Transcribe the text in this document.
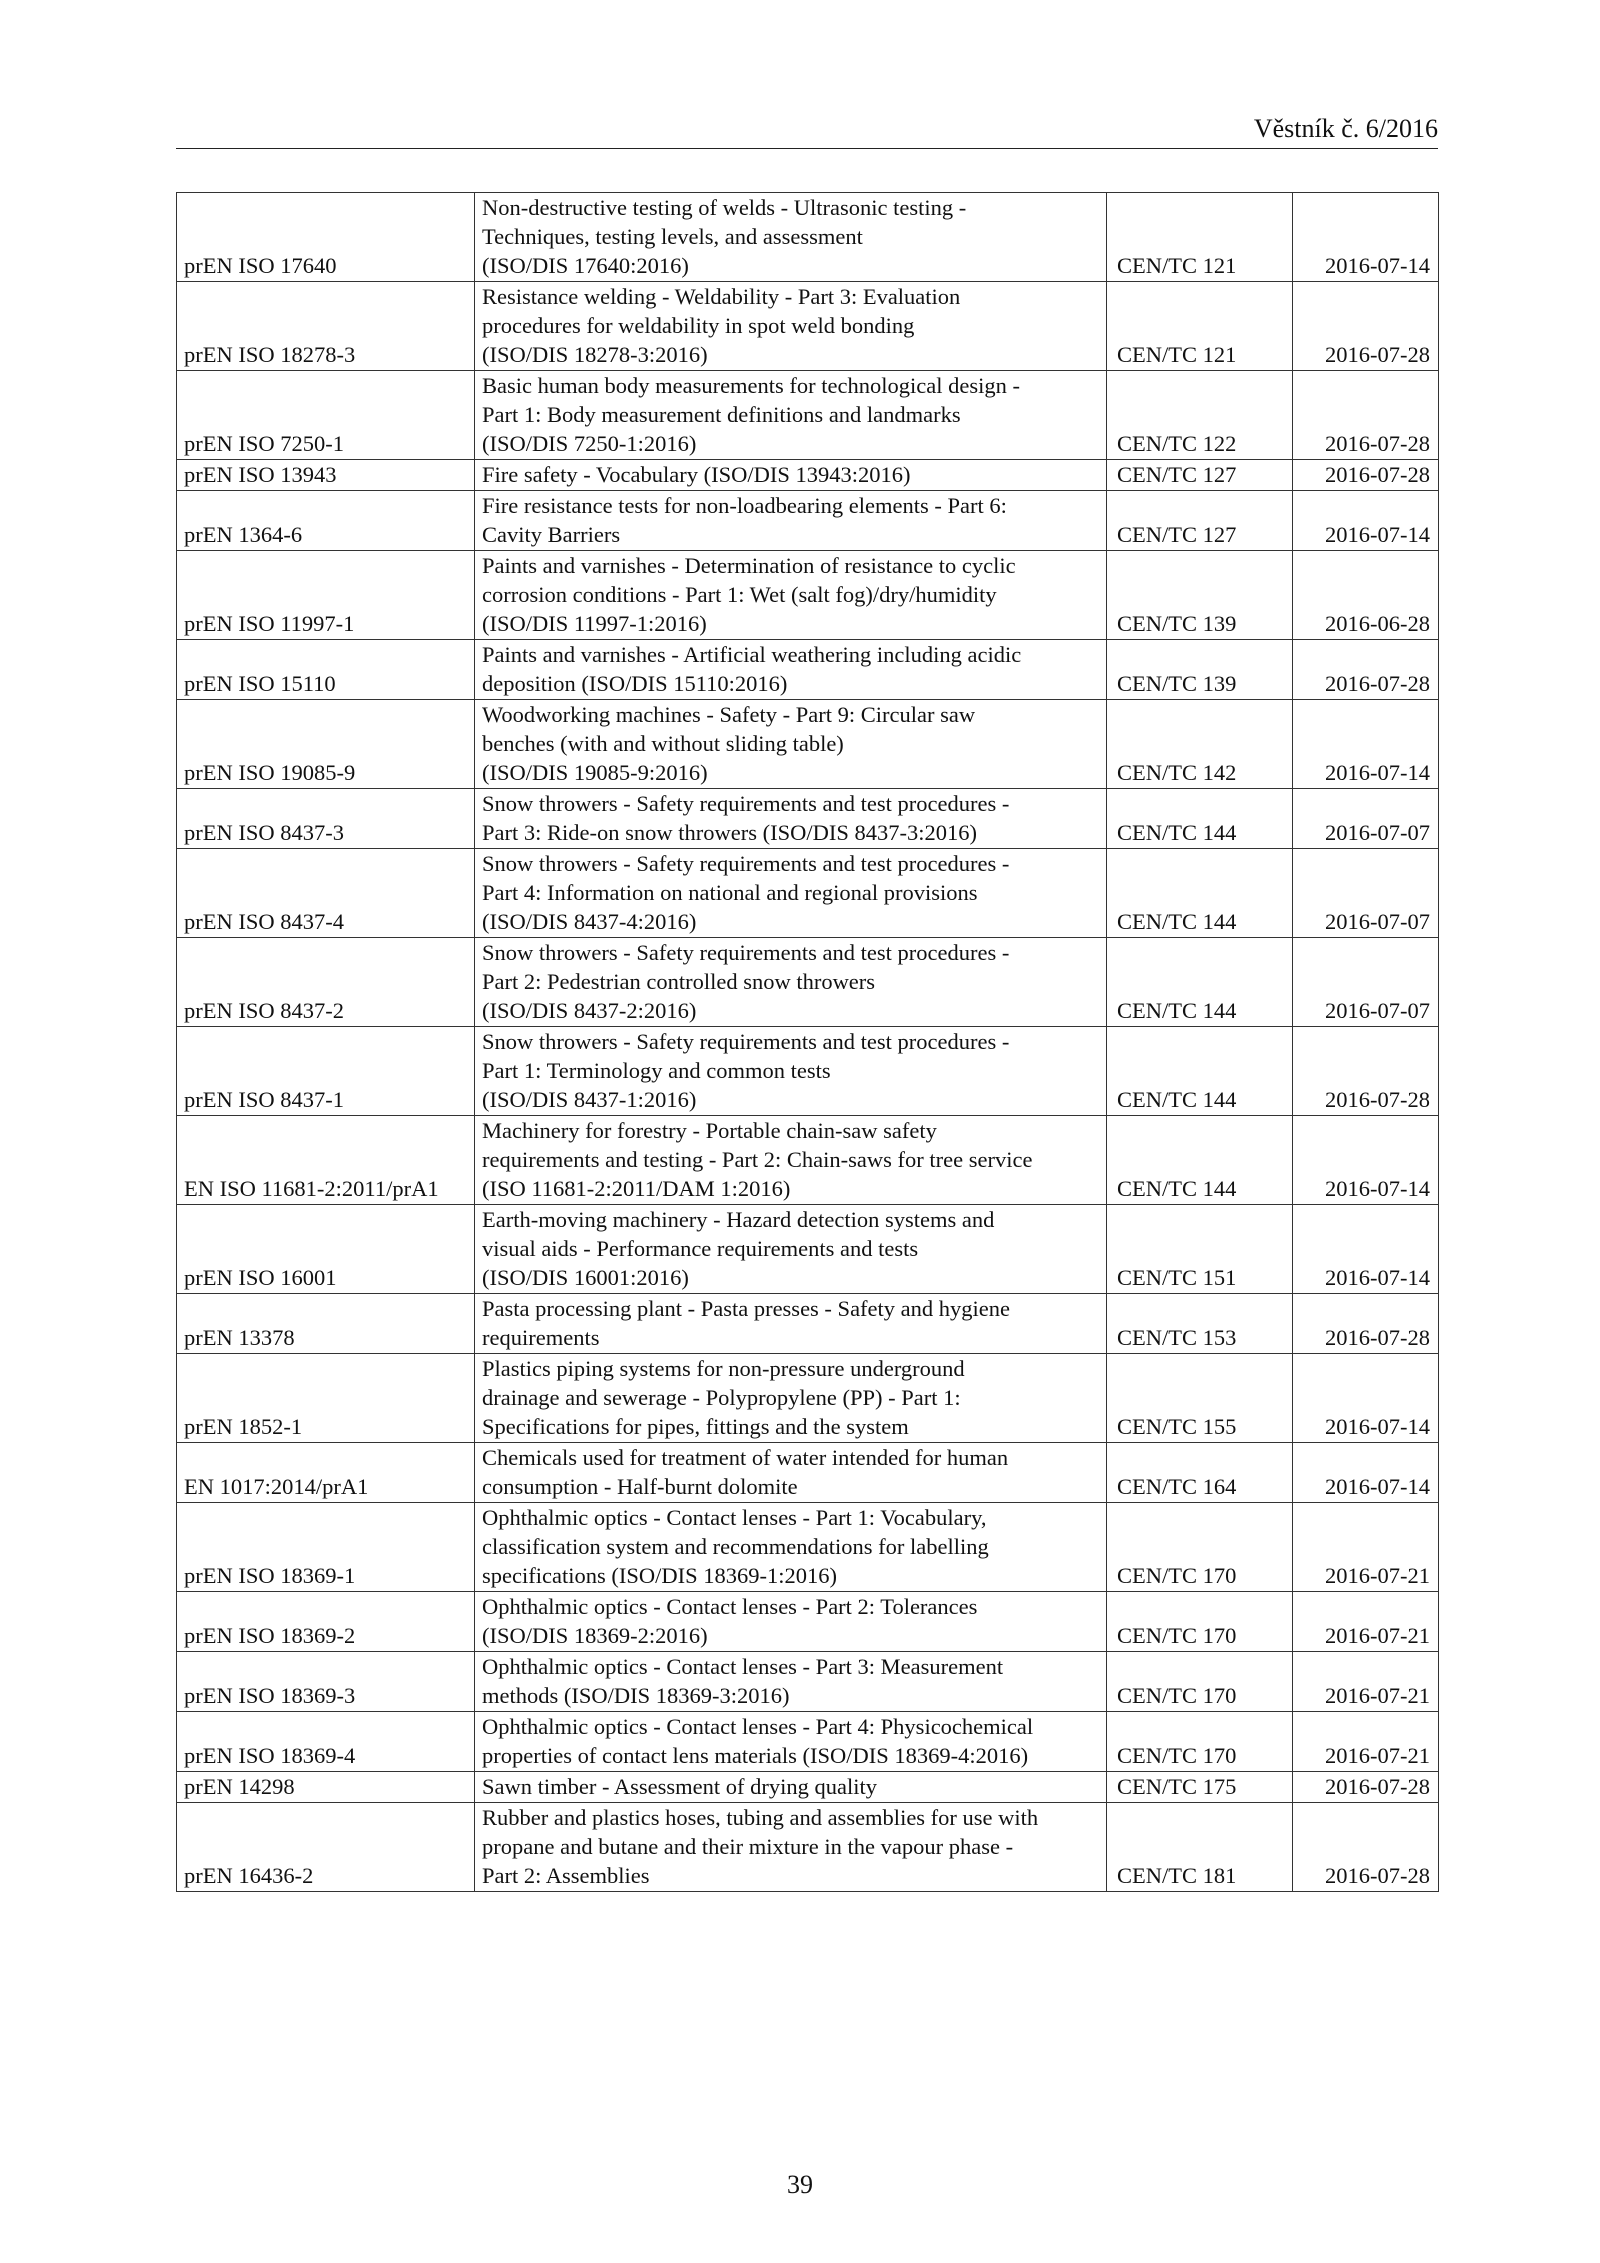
Věstník č. 6/2016
prEN ISO 17640	Non-destructive testing of welds - Ultrasonic testing -
Techniques, testing levels, and assessment
(ISO/DIS 17640:2016)	CEN/TC 121	2016-07-14
prEN ISO 18278-3	Resistance welding - Weldability - Part 3: Evaluation
procedures for weldability in spot weld bonding
(ISO/DIS 18278-3:2016)	CEN/TC 121	2016-07-28
prEN ISO 7250-1	Basic human body measurements for technological design -
Part 1: Body measurement definitions and landmarks
(ISO/DIS 7250-1:2016)	CEN/TC 122	2016-07-28
prEN ISO 13943	Fire safety - Vocabulary (ISO/DIS 13943:2016)	CEN/TC 127	2016-07-28
prEN 1364-6	Fire resistance tests for non-loadbearing elements - Part 6:
Cavity Barriers	CEN/TC 127	2016-07-14
prEN ISO 11997-1	Paints and varnishes - Determination of resistance to cyclic
corrosion conditions - Part 1: Wet (salt fog)/dry/humidity
(ISO/DIS 11997-1:2016)	CEN/TC 139	2016-06-28
prEN ISO 15110	Paints and varnishes - Artificial weathering including acidic
deposition (ISO/DIS 15110:2016)	CEN/TC 139	2016-07-28
prEN ISO 19085-9	Woodworking machines - Safety - Part 9: Circular saw
benches (with and without sliding table)
(ISO/DIS 19085-9:2016)	CEN/TC 142	2016-07-14
prEN ISO 8437-3	Snow throwers - Safety requirements and test procedures -
Part 3: Ride-on snow throwers (ISO/DIS 8437-3:2016)	CEN/TC 144	2016-07-07
prEN ISO 8437-4	Snow throwers - Safety requirements and test procedures -
Part 4: Information on national and regional provisions
(ISO/DIS 8437-4:2016)	CEN/TC 144	2016-07-07
prEN ISO 8437-2	Snow throwers - Safety requirements and test procedures -
Part 2: Pedestrian controlled snow throwers
(ISO/DIS 8437-2:2016)	CEN/TC 144	2016-07-07
prEN ISO 8437-1	Snow throwers - Safety requirements and test procedures -
Part 1: Terminology and common tests
(ISO/DIS 8437-1:2016)	CEN/TC 144	2016-07-28
EN ISO 11681-2:2011/prA1	Machinery for forestry - Portable chain-saw safety
requirements and testing - Part 2: Chain-saws for tree service
(ISO 11681-2:2011/DAM 1:2016)	CEN/TC 144	2016-07-14
prEN ISO 16001	Earth-moving machinery - Hazard detection systems and
visual aids - Performance requirements and tests
(ISO/DIS 16001:2016)	CEN/TC 151	2016-07-14
prEN 13378	Pasta processing plant - Pasta presses - Safety and hygiene
requirements	CEN/TC 153	2016-07-28
prEN 1852-1	Plastics piping systems for non-pressure underground
drainage and sewerage - Polypropylene (PP) - Part 1:
Specifications for pipes, fittings and the system	CEN/TC 155	2016-07-14
EN 1017:2014/prA1	Chemicals used for treatment of water intended for human
consumption - Half-burnt dolomite	CEN/TC 164	2016-07-14
prEN ISO 18369-1	Ophthalmic optics - Contact lenses - Part 1: Vocabulary,
classification system and recommendations for labelling
specifications (ISO/DIS 18369-1:2016)	CEN/TC 170	2016-07-21
prEN ISO 18369-2	Ophthalmic optics - Contact lenses - Part 2: Tolerances
(ISO/DIS 18369-2:2016)	CEN/TC 170	2016-07-21
prEN ISO 18369-3	Ophthalmic optics - Contact lenses - Part 3: Measurement
methods (ISO/DIS 18369-3:2016)	CEN/TC 170	2016-07-21
prEN ISO 18369-4	Ophthalmic optics - Contact lenses - Part 4: Physicochemical
properties of contact lens materials (ISO/DIS 18369-4:2016)	CEN/TC 170	2016-07-21
prEN 14298	Sawn timber - Assessment of drying quality	CEN/TC 175	2016-07-28
prEN 16436-2	Rubber and plastics hoses, tubing and assemblies for use with
propane and butane and their mixture in the vapour phase -
Part 2: Assemblies	CEN/TC 181	2016-07-28
39
